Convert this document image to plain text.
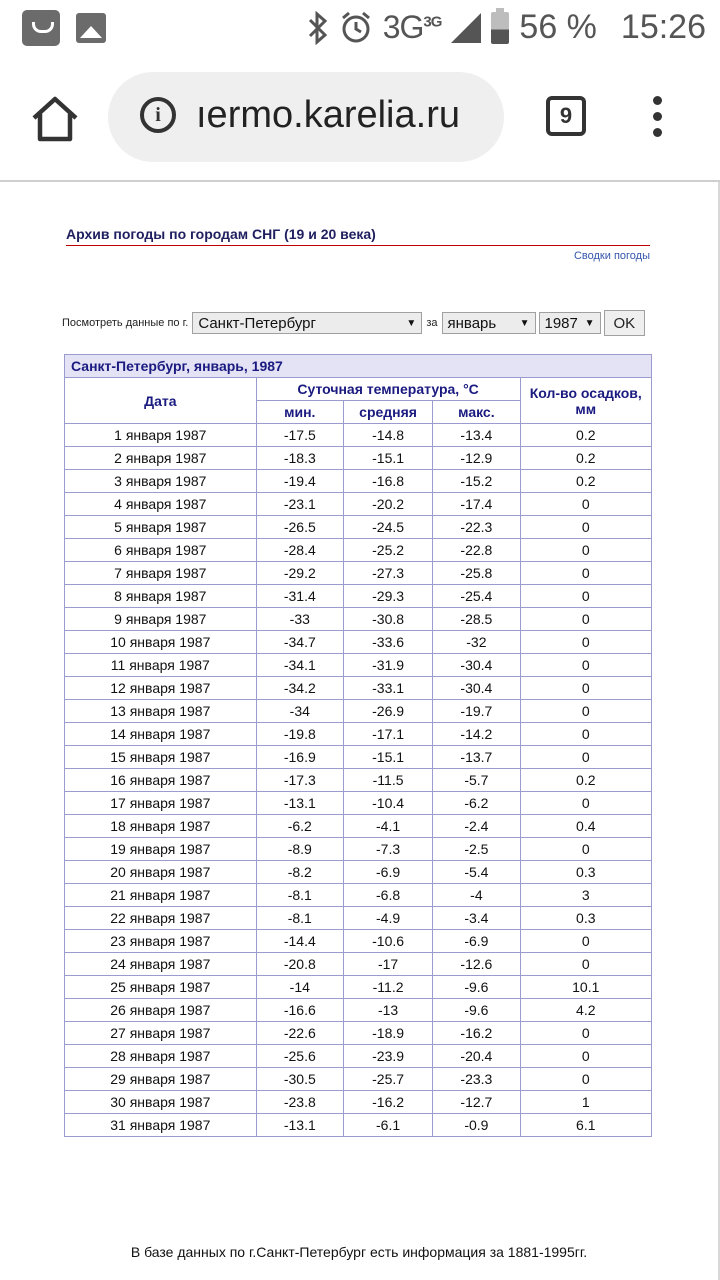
$3G^{3G}$ 56 % 15:26
i ıermo.karelia.ru	9
Архив погоды по городам СНГ (19 и 20 века)
Сводки погоды
Посмотреть данные по г. Санкт-Петербург	▼ за январь ▼ 1987 ▼	OK
Санкт-Петербург, январь, 1987				
Дата	Суточная температура, °С			Кол-во осадков, мм
	мин.	средняя	макс.	
1 января 1987	-17.5	-14.8	-13.4	0.2
2 января 1987	-18.3	-15.1	-12.9	0.2
3 января 1987	-19.4	-16.8	-15.2	0.2
4 января 1987	-23.1	-20.2	-17.4	0
5 января 1987	-26.5	-24.5	-22.3	0
6 января 1987	-28.4	-25.2	-22.8	0
7 января 1987	-29.2	-27.3	-25.8	0
8 января 1987	-31.4	-29.3	-25.4	0
9 января 1987	-33	-30.8	-28.5	0
10 января 1987	-34.7	-33.6	-32	0
11 января 1987	-34.1	-31.9	-30.4	0
12 января 1987	-34.2	-33.1	-30.4	0
13 января 1987	-34	-26.9	-19.7	0
14 января 1987	-19.8	-17.1	-14.2	0
15 января 1987	-16.9	-15.1	-13.7	0
16 января 1987	-17.3	-11.5	-5.7	0.2
17 января 1987	-13.1	-10.4	-6.2	0
18 января 1987	-6.2	-4.1	-2.4	0.4
19 января 1987	-8.9	-7.3	-2.5	0
20 января 1987	-8.2	-6.9	-5.4	0.3
21 января 1987	-8.1	-6.8	-4	3
22 января 1987	-8.1	-4.9	-3.4	0.3
23 января 1987	-14.4	-10.6	-6.9	0
24 января 1987	-20.8	-17	-12.6	0
25 января 1987	-14	-11.2	-9.6	10.1
26 января 1987	-16.6	-13	-9.6	4.2
27 января 1987	-22.6	-18.9	-16.2	0
28 января 1987	-25.6	-23.9	-20.4	0
29 января 1987	-30.5	-25.7	-23.3	0
30 января 1987	-23.8	-16.2	-12.7	1
31 января 1987	-13.1	-6.1	-0.9	6.1
В базе данных по г.Санкт-Петербург есть информация за 1881-1995гг.
